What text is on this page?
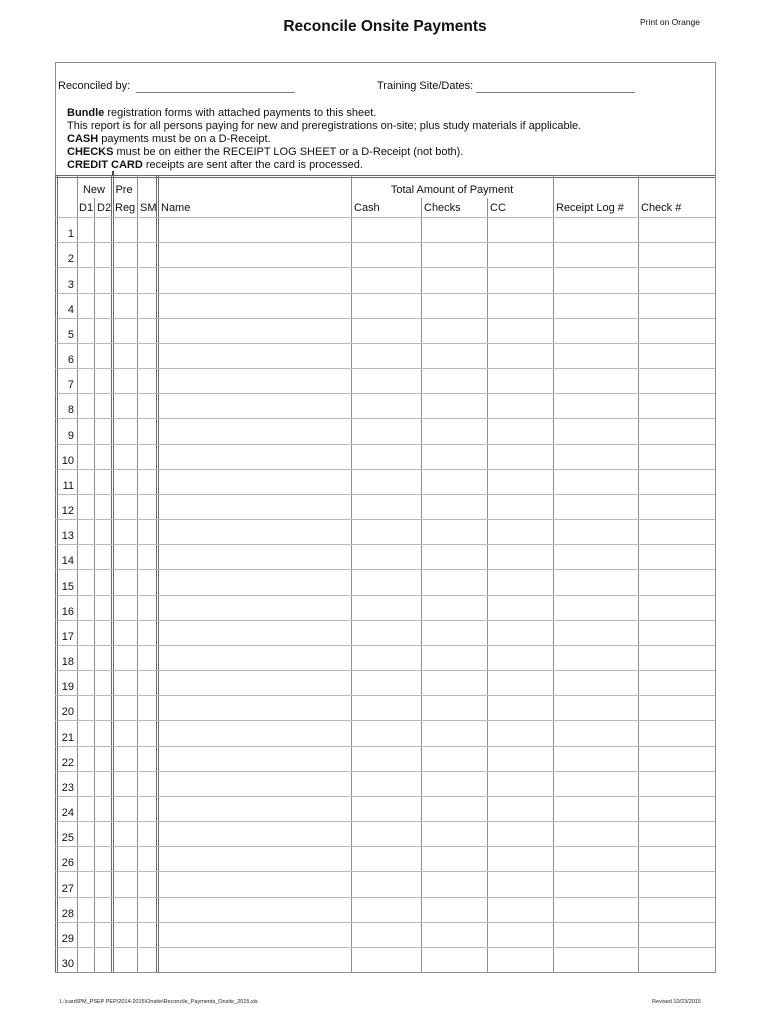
Reconcile Onsite Payments	Print on Orange
Reconciled by:	Training Site/Dates:
Bundle registration forms with attached payments to this sheet.
This report is for all persons paying for new and preregistrations on-site; plus study materials if applicable.
CASH payments must be on a D-Receipt.
CHECKS must be on either the RECEIPT LOG SHEET or a D-Receipt (not both).
CREDIT CARD receipts are sent after the card is processed.
New Pre	Total Amount of Payment
D1 D2 Reg SM Name	Cash	Checks	CC	Receipt Log # Check #
1
2
3
4
5
6
7
8
9
10
11
12
13
14
15
16
17
18
19
20
21
22
23
24
25
26
27
28
29
30
L:\card\PM_PSEP PEP\2014-2015\Onsite\Reconcile_Payments_Onsite_2015.xls	Revised 10/23/2015
